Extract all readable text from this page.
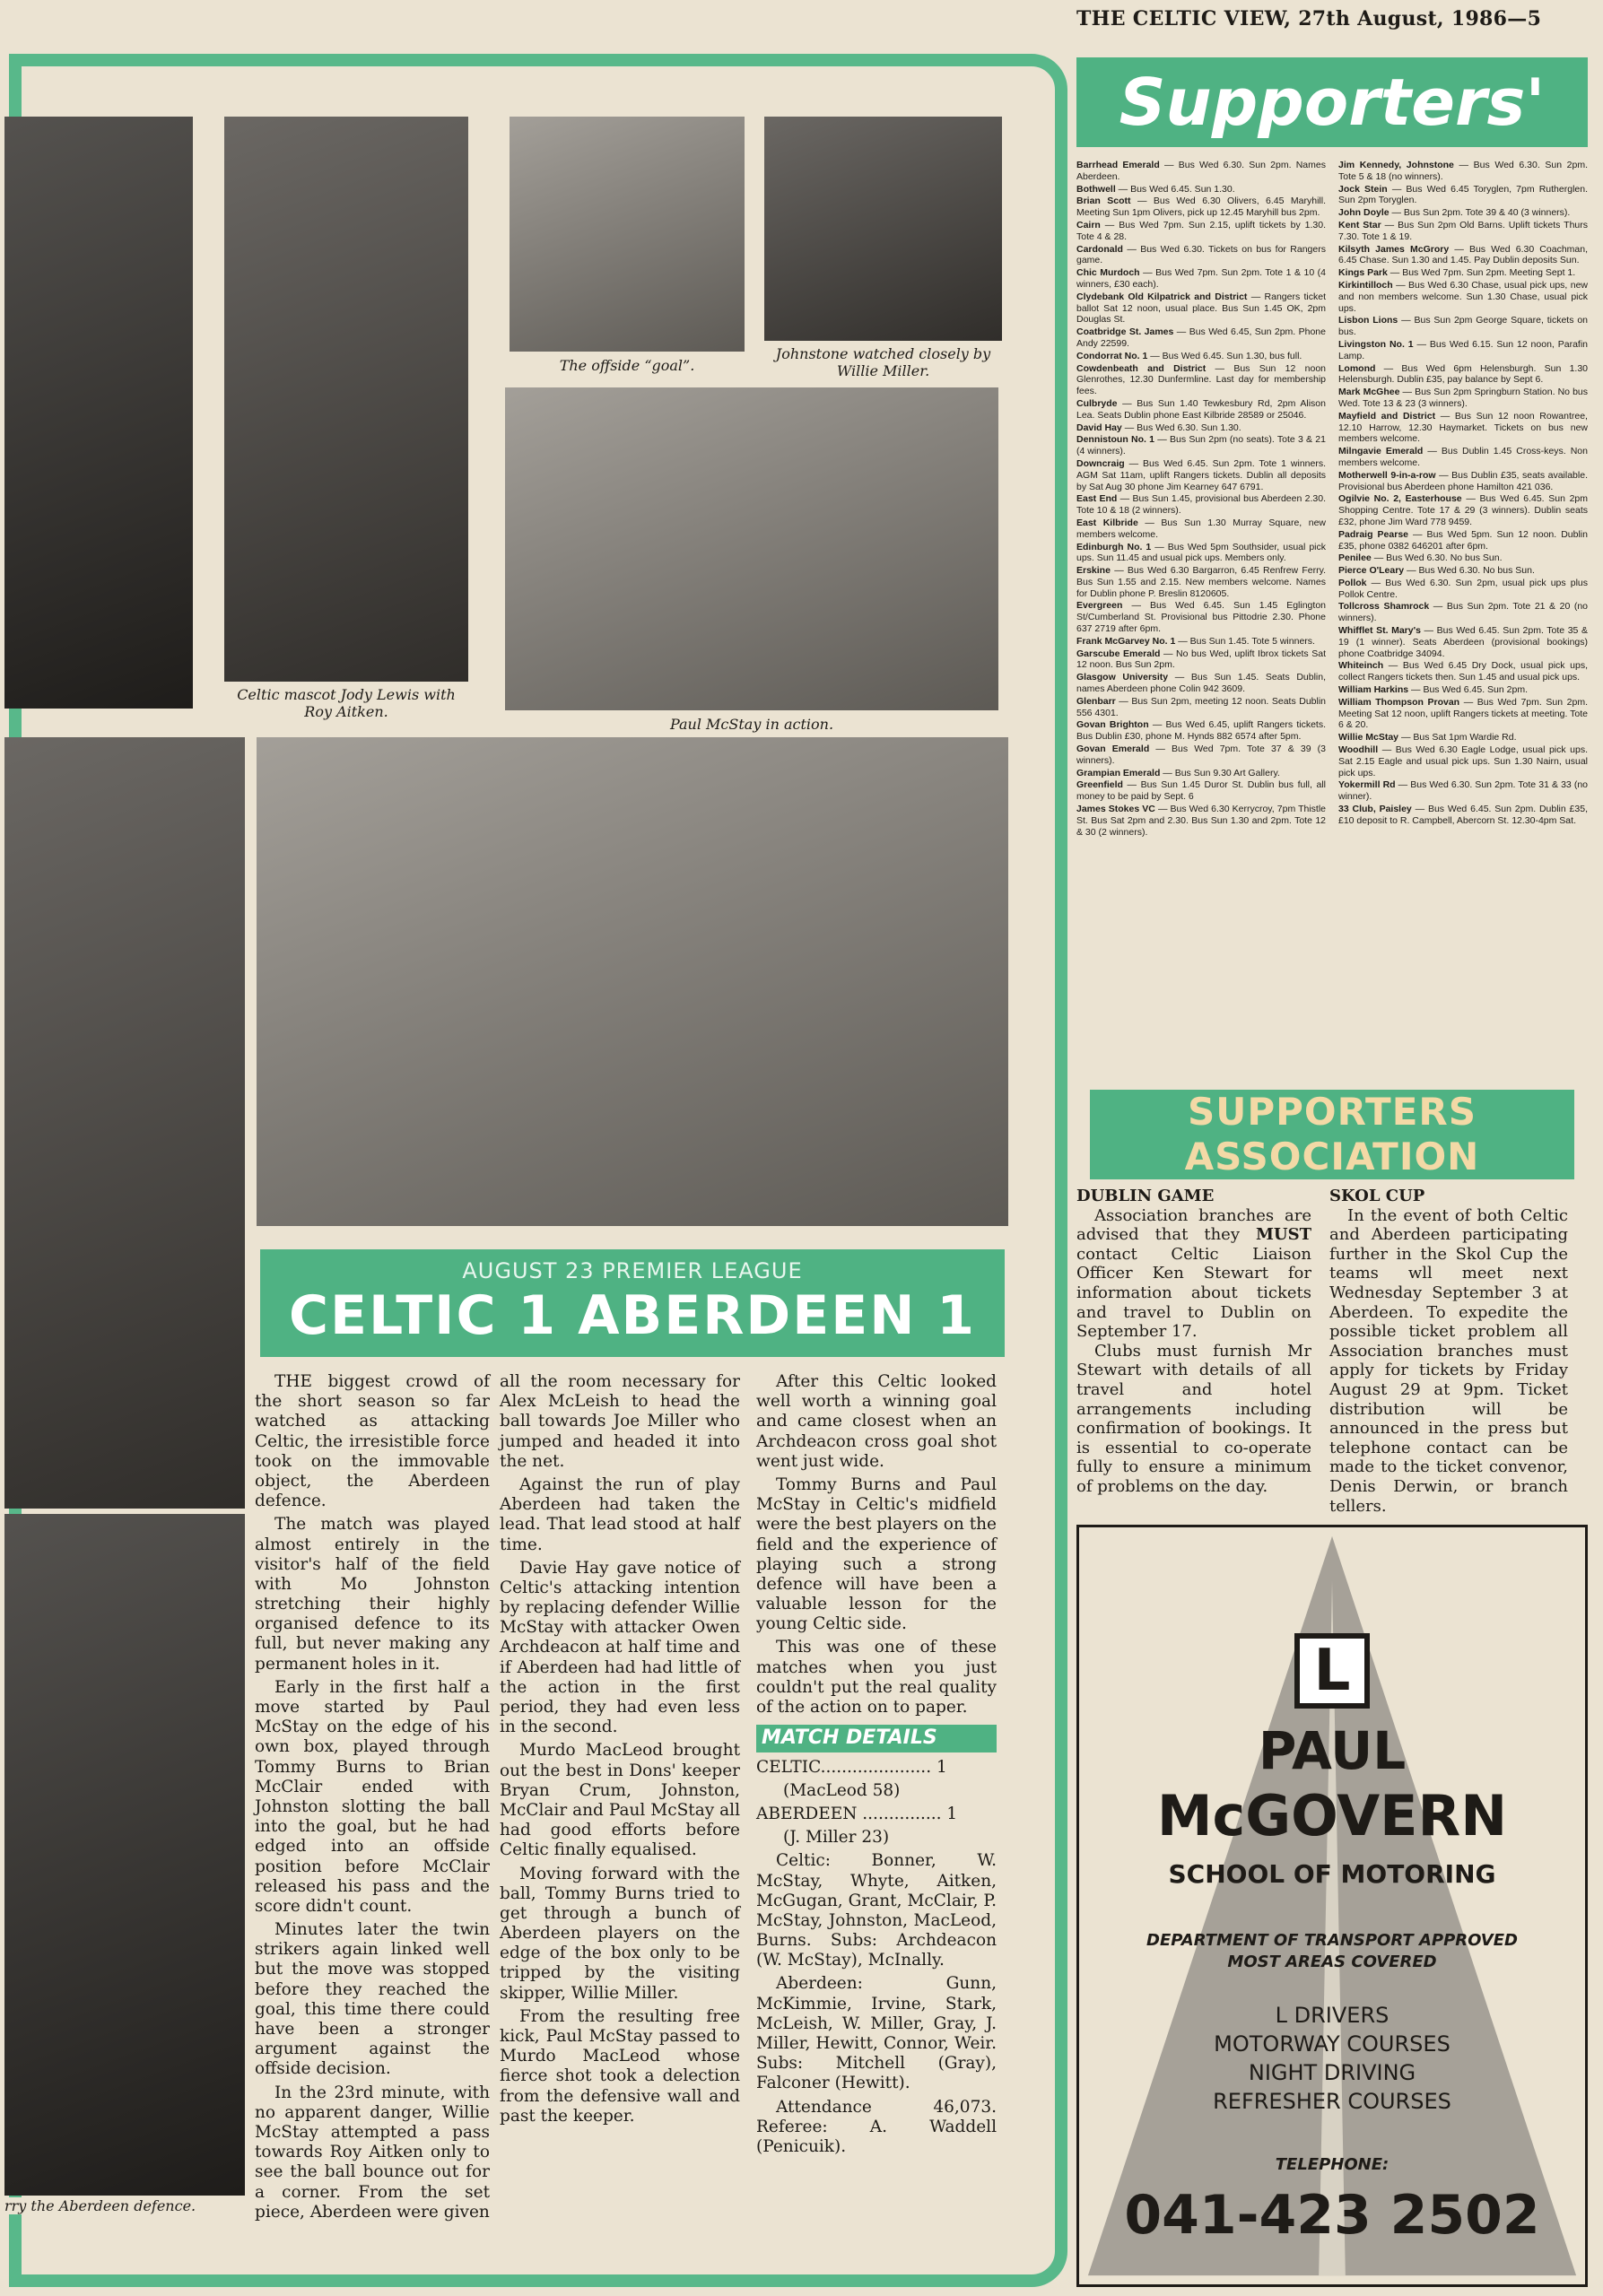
THE CELTIC VIEW, 27th August, 1986—5
Celtic mascot Jody Lewis with Roy Aitken.
The offside “goal”.
Johnstone watched closely by Willie Miller.
Paul McStay in action.
rry the Aberdeen defence.
AUGUST 23 PREMIER LEAGUE
CELTIC 1 ABERDEEN 1

THE biggest crowd of the short season so far watched as attacking Celtic, the irresistible force took on the immovable object, the Aberdeen defence.

The match was played almost entirely in the visitor's half of the field with Mo Johnston stretching their highly organised defence to its full, but never making any permanent holes in it.

Early in the first half a move started by Paul McStay on the edge of his own box, played through Tommy Burns to Brian McClair ended with Johnston slotting the ball into the goal, but he had edged into an offside position before McClair released his pass and the score didn't count.

Minutes later the twin strikers again linked well but the move was stopped before they reached the goal, this time there could have been a stronger argument against the offside decision.

In the 23rd minute, with no apparent danger, Willie McStay attempted a pass towards Roy Aitken only to see the ball bounce out for a corner. From the set piece, Aberdeen were given

all the room necessary for Alex McLeish to head the ball towards Joe Miller who jumped and headed it into the net.

Against the run of play Aberdeen had taken the lead. That lead stood at half time.

Davie Hay gave notice of Celtic's attacking intention by replacing defender Willie McStay with attacker Owen Archdeacon at half time and if Aberdeen had had little of the action in the first period, they had even less in the second.

Murdo MacLeod brought out the best in Dons' keeper Bryan Crum, Johnston, McClair and Paul McStay all had good efforts before Celtic finally equalised.

Moving forward with the ball, Tommy Burns tried to get through a bunch of Aberdeen players on the edge of the box only to be tripped by the visiting skipper, Willie Miller.

From the resulting free kick, Paul McStay passed to Murdo MacLeod whose fierce shot took a delection from the defensive wall and past the keeper.

After this Celtic looked well worth a winning goal and came closest when an Archdeacon cross goal shot went just wide.

Tommy Burns and Paul McStay in Celtic's midfield were the best players on the field and the experience of playing such a strong defence will have been a valuable lesson for the young Celtic side.

This was one of these matches when you just couldn't put the real quality of the action on to paper.

MATCH DETAILS

CELTIC..................... 1

(MacLeod 58)

ABERDEEN ............... 1

(J. Miller 23)

Celtic: Bonner, W. McStay, Whyte, Aitken, McGugan, Grant, McClair, P. McStay, Johnston, MacLeod, Burns. Subs: Archdeacon (W. McStay), McInally.

Aberdeen: Gunn, McKimmie, Irvine, Stark, McLeish, W. Miller, Gray, J. Miller, Hewitt, Connor, Weir. Subs: Mitchell (Gray), Falconer (Hewitt).

Attendance 46,073. Referee: A. Waddell (Penicuik).

Supporters'
Barrhead Emerald — Bus Wed 6.30. Sun 2pm. Names Aberdeen.
Bothwell — Bus Wed 6.45. Sun 1.30.
Brian Scott — Bus Wed 6.30 Olivers, 6.45 Maryhill. Meeting Sun 1pm Olivers, pick up 12.45 Maryhill bus 2pm.
Cairn — Bus Wed 7pm. Sun 2.15, uplift tickets by 1.30. Tote 4 & 28.
Cardonald — Bus Wed 6.30. Tickets on bus for Rangers game.
Chic Murdoch — Bus Wed 7pm. Sun 2pm. Tote 1 & 10 (4 winners, £30 each).
Clydebank Old Kilpatrick and District — Rangers ticket ballot Sat 12 noon, usual place. Bus Sun 1.45 OK, 2pm Douglas St.
Coatbridge St. James — Bus Wed 6.45, Sun 2pm. Phone Andy 22599.
Condorrat No. 1 — Bus Wed 6.45. Sun 1.30, bus full.
Cowdenbeath and District — Bus Sun 12 noon Glenrothes, 12.30 Dunfermline. Last day for membership fees.
Culbryde — Bus Sun 1.40 Tewkesbury Rd, 2pm Alison Lea. Seats Dublin phone East Kilbride 28589 or 25046.
David Hay — Bus Wed 6.30. Sun 1.30.
Dennistoun No. 1 — Bus Sun 2pm (no seats). Tote 3 & 21 (4 winners).
Downcraig — Bus Wed 6.45. Sun 2pm. Tote 1 winners. AGM Sat 11am, uplift Rangers tickets. Dublin all deposits by Sat Aug 30 phone Jim Kearney 647 6791.
East End — Bus Sun 1.45, provisional bus Aberdeen 2.30. Tote 10 & 18 (2 winners).
East Kilbride — Bus Sun 1.30 Murray Square, new members welcome.
Edinburgh No. 1 — Bus Wed 5pm Southsider, usual pick ups. Sun 11.45 and usual pick ups. Members only.
Erskine — Bus Wed 6.30 Bargarron, 6.45 Renfrew Ferry. Bus Sun 1.55 and 2.15. New members welcome. Names for Dublin phone P. Breslin 8120605.
Evergreen — Bus Wed 6.45. Sun 1.45 Eglington St/Cumberland St. Provisional bus Pittodrie 2.30. Phone 637 2719 after 6pm.
Frank McGarvey No. 1 — Bus Sun 1.45. Tote 5 winners.
Garscube Emerald — No bus Wed, uplift Ibrox tickets Sat 12 noon. Bus Sun 2pm.
Glasgow University — Bus Sun 1.45. Seats Dublin, names Aberdeen phone Colin 942 3609.
Glenbarr — Bus Sun 2pm, meeting 12 noon. Seats Dublin 556 4301.
Govan Brighton — Bus Wed 6.45, uplift Rangers tickets. Bus Dublin £30, phone M. Hynds 882 6574 after 5pm.
Govan Emerald — Bus Wed 7pm. Tote 37 & 39 (3 winners).
Grampian Emerald — Bus Sun 9.30 Art Gallery.
Greenfield — Bus Sun 1.45 Duror St. Dublin bus full, all money to be paid by Sept. 6
James Stokes VC — Bus Wed 6.30 Kerrycroy, 7pm Thistle St. Bus Sat 2pm and 2.30. Bus Sun 1.30 and 2pm. Tote 12 & 30 (2 winners).
Jim Kennedy, Johnstone — Bus Wed 6.30. Sun 2pm. Tote 5 & 18 (no winners).
Jock Stein — Bus Wed 6.45 Toryglen, 7pm Rutherglen. Sun 2pm Toryglen.
John Doyle — Bus Sun 2pm. Tote 39 & 40 (3 winners).
Kent Star — Bus Sun 2pm Old Barns. Uplift tickets Thurs 7.30. Tote 1 & 19.
Kilsyth James McGrory — Bus Wed 6.30 Coachman, 6.45 Chase. Sun 1.30 and 1.45. Pay Dublin deposits Sun.
Kings Park — Bus Wed 7pm. Sun 2pm. Meeting Sept 1.
Kirkintilloch — Bus Wed 6.30 Chase, usual pick ups, new and non members welcome. Sun 1.30 Chase, usual pick ups.
Lisbon Lions — Bus Sun 2pm George Square, tickets on bus.
Livingston No. 1 — Bus Wed 6.15. Sun 12 noon, Parafin Lamp.
Lomond — Bus Wed 6pm Helensburgh. Sun 1.30 Helensburgh. Dublin £35, pay balance by Sept 6.
Mark McGhee — Bus Sun 2pm Springburn Station. No bus Wed. Tote 13 & 23 (3 winners).
Mayfield and District — Bus Sun 12 noon Rowantree, 12.10 Harrow, 12.30 Haymarket. Tickets on bus new members welcome.
Milngavie Emerald — Bus Dublin 1.45 Cross-keys. Non members welcome.
Motherwell 9-in-a-row — Bus Dublin £35, seats available. Provisional bus Aberdeen phone Hamilton 421 036.
Ogilvie No. 2, Easterhouse — Bus Wed 6.45. Sun 2pm Shopping Centre. Tote 17 & 29 (3 winners). Dublin seats £32, phone Jim Ward 778 9459.
Padraig Pearse — Bus Wed 5pm. Sun 12 noon. Dublin £35, phone 0382 646201 after 6pm.
Penilee — Bus Wed 6.30. No bus Sun.
Pierce O'Leary — Bus Wed 6.30. No bus Sun.
Pollok — Bus Wed 6.30. Sun 2pm, usual pick ups plus Pollok Centre.
Tollcross Shamrock — Bus Sun 2pm. Tote 21 & 20 (no winners).
Whifflet St. Mary's — Bus Wed 6.45. Sun 2pm. Tote 35 & 19 (1 winner). Seats Aberdeen (provisional bookings) phone Coatbridge 34094.
Whiteinch — Bus Wed 6.45 Dry Dock, usual pick ups, collect Rangers tickets then. Sun 1.45 and usual pick ups.
William Harkins — Bus Wed 6.45. Sun 2pm.
William Thompson Provan — Bus Wed 7pm. Sun 2pm. Meeting Sat 12 noon, uplift Rangers tickets at meeting. Tote 6 & 20.
Willie McStay — Bus Sat 1pm Wardie Rd.
Woodhill — Bus Wed 6.30 Eagle Lodge, usual pick ups. Sat 2.15 Eagle and usual pick ups. Sun 1.30 Nairn, usual pick ups.
Yokermill Rd — Bus Wed 6.30. Sun 2pm. Tote 31 & 33 (no winner).
33 Club, Paisley — Bus Wed 6.45. Sun 2pm. Dublin £35, £10 deposit to R. Campbell, Abercorn St. 12.30-4pm Sat.
SUPPORTERS
ASSOCIATION
DUBLIN GAME

Association branches are advised that they MUST contact Celtic Liaison Officer Ken Stewart for information about tickets and travel to Dublin on September 17.

Clubs must furnish Mr Stewart with details of all travel and hotel arrangements including confirmation of bookings. It is essential to co-operate fully to ensure a minimum of problems on the day.

SKOL CUP

In the event of both Celtic and Aberdeen participating further in the Skol Cup the teams wll meet next Wednesday September 3 at Aberdeen. To expedite the possible ticket problem all Association branches must apply for tickets by Friday August 29 at 9pm. Ticket distribution will be announced in the press but telephone contact can be made to the ticket convenor, Denis Derwin, or branch tellers.

L
PAUL
McGOVERN
SCHOOL OF MOTORING
DEPARTMENT OF TRANSPORT APPROVED
MOST AREAS COVERED
L DRIVERS
MOTORWAY COURSES
NIGHT DRIVING
REFRESHER COURSES
TELEPHONE:
041-423 2502
